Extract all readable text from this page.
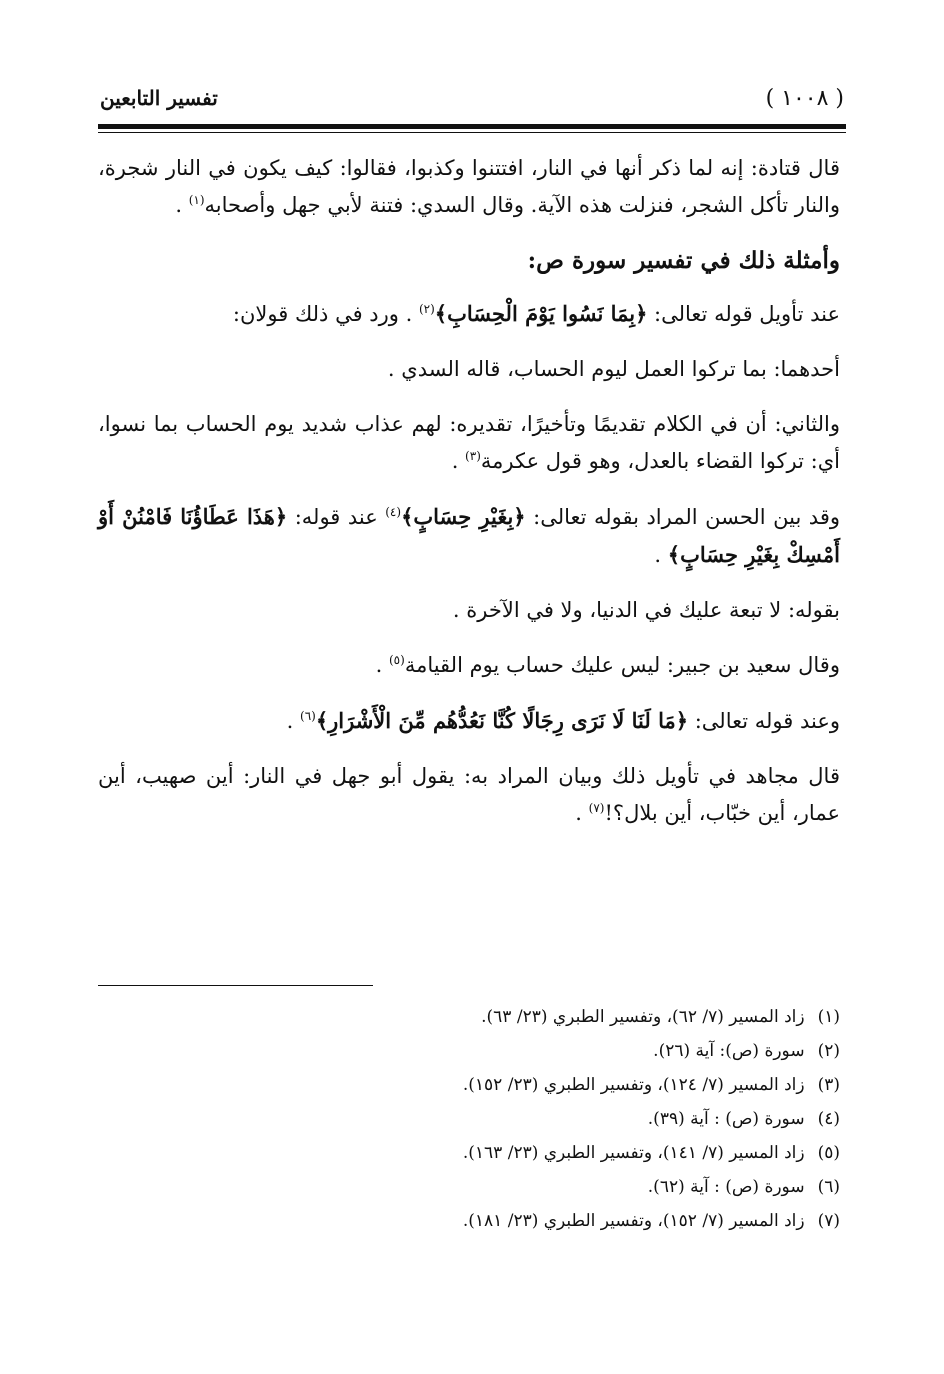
( ١٠٠٨ )
تفسير التابعين

قال قتادة: إنه لما ذكر أنها في النار، افتتنوا وكذبوا، فقالوا: كيف يكون في النار شجرة، والنار تأكل الشجر، فنزلت هذه الآية. وقال السدي: فتنة لأبي جهل وأصحابه$^{(١)}$ .

وأمثلة ذلك في تفسير سورة ص:

عند تأويل قوله تعالى: ﴿بِمَا نَسُوا يَوْمَ الْحِسَابِ﴾$^{(٢)}$ . ورد في ذلك قولان:

أحدهما: بما تركوا العمل ليوم الحساب، قاله السدي .

والثاني: أن في الكلام تقديمًا وتأخيرًا، تقديره: لهم عذاب شديد يوم الحساب بما نسوا، أي: تركوا القضاء بالعدل، وهو قول عكرمة$^{(٣)}$ .

وقد بين الحسن المراد بقوله تعالى: ﴿بِغَيْرِ حِسَابٍ﴾$^{(٤)}$ عند قوله: ﴿هَذَا عَطَاؤُنَا فَامْنُنْ أَوْ أَمْسِكْ بِغَيْرِ حِسَابٍ﴾ .

بقوله: لا تبعة عليك في الدنيا، ولا في الآخرة .

وقال سعيد بن جبير: ليس عليك حساب يوم القيامة$^{(٥)}$ .

وعند قوله تعالى: ﴿مَا لَنَا لَا نَرَى رِجَالًا كُنَّا نَعُدُّهُم مِّنَ الْأَشْرَارِ﴾$^{(٦)}$ .

قال مجاهد في تأويل ذلك وبيان المراد به: يقول أبو جهل في النار: أين صهيب، أين عمار، أين خبّاب، أين بلال؟!$^{(٧)}$ .

(١) زاد المسير (٧/ ٦٢)، وتفسير الطبري (٢٣/ ٦٣).
(٢) سورة (ص): آية (٢٦).
(٣) زاد المسير (٧/ ١٢٤)، وتفسير الطبري (٢٣/ ١٥٢).
(٤) سورة (ص) : آية (٣٩).
(٥) زاد المسير (٧/ ١٤١)، وتفسير الطبري (٢٣/ ١٦٣).
(٦) سورة (ص) : آية (٦٢).
(٧) زاد المسير (٧/ ١٥٢)، وتفسير الطبري (٢٣/ ١٨١).
